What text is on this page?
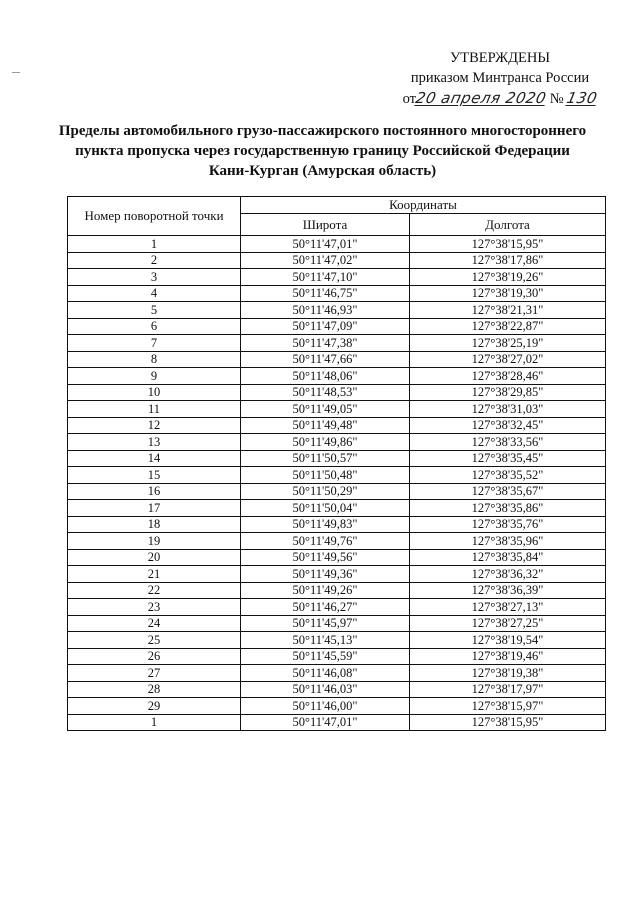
УТВЕРЖДЕНЫ
приказом Минтранса России
от20 апреля 2020 № 130
Пределы автомобильного грузо-пассажирского постоянного многостороннего
пункта пропуска через государственную границу Российской Федерации
Кани-Курган (Амурская область)
Номер поворотной точки	Координаты	
	Широта	Долгота
1	50°11'47,01"	127°38'15,95"
2	50°11'47,02"	127°38'17,86"
3	50°11'47,10"	127°38'19,26"
4	50°11'46,75"	127°38'19,30"
5	50°11'46,93"	127°38'21,31"
6	50°11'47,09"	127°38'22,87"
7	50°11'47,38"	127°38'25,19"
8	50°11'47,66"	127°38'27,02"
9	50°11'48,06"	127°38'28,46"
10	50°11'48,53"	127°38'29,85"
11	50°11'49,05"	127°38'31,03"
12	50°11'49,48"	127°38'32,45"
13	50°11'49,86"	127°38'33,56"
14	50°11'50,57"	127°38'35,45"
15	50°11'50,48"	127°38'35,52"
16	50°11'50,29"	127°38'35,67"
17	50°11'50,04"	127°38'35,86"
18	50°11'49,83"	127°38'35,76"
19	50°11'49,76"	127°38'35,96"
20	50°11'49,56"	127°38'35,84"
21	50°11'49,36"	127°38'36,32"
22	50°11'49,26"	127°38'36,39"
23	50°11'46,27"	127°38'27,13"
24	50°11'45,97"	127°38'27,25"
25	50°11'45,13"	127°38'19,54"
26	50°11'45,59"	127°38'19,46"
27	50°11'46,08"	127°38'19,38"
28	50°11'46,03"	127°38'17,97"
29	50°11'46,00"	127°38'15,97"
1	50°11'47,01"	127°38'15,95"
